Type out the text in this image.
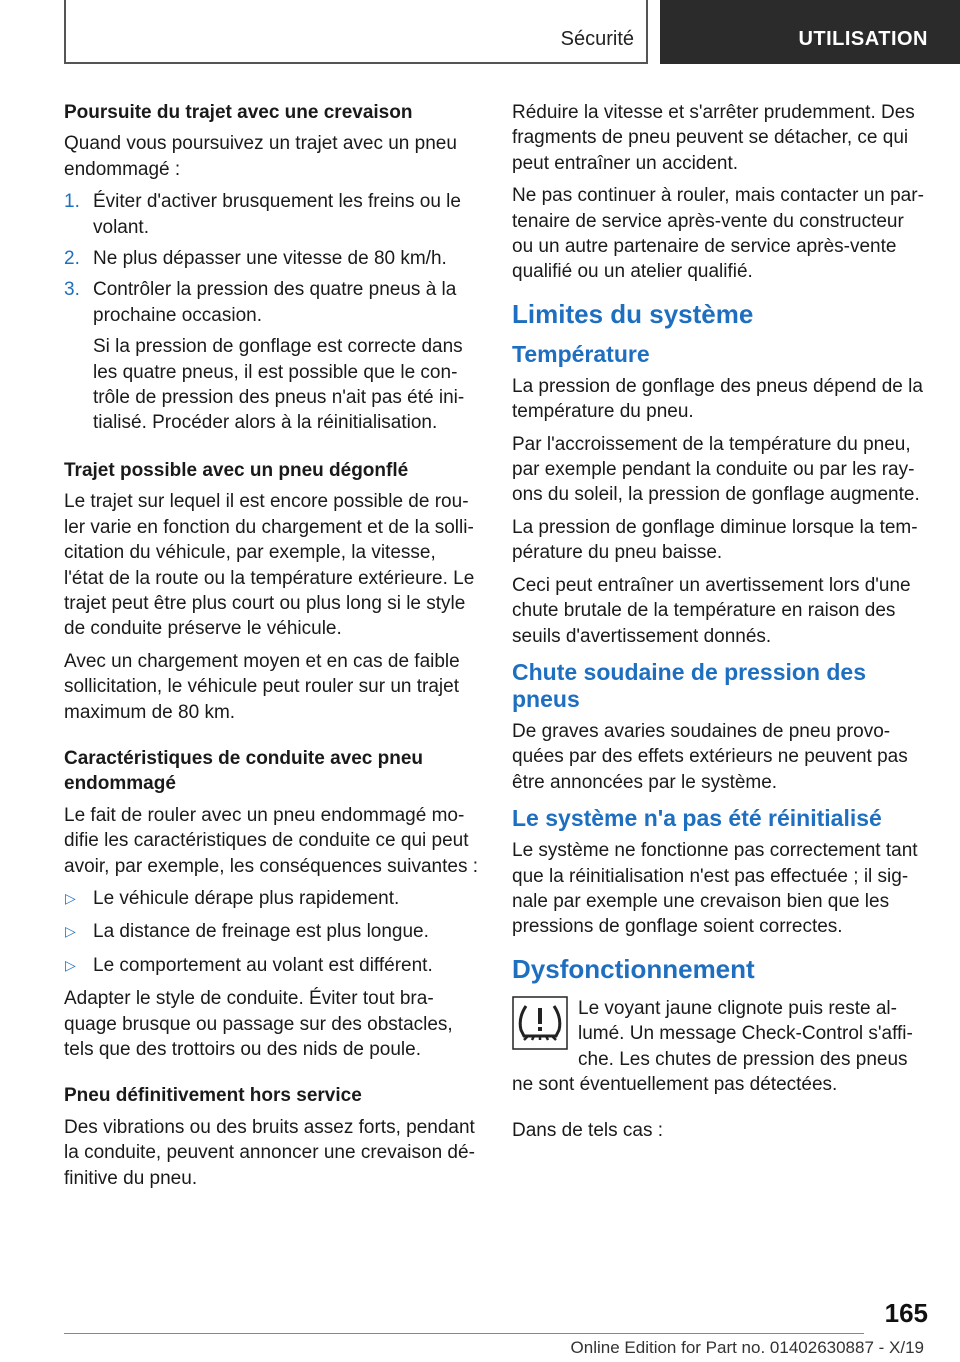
Sécurité	UTILISATION
Poursuite du trajet avec une crevaison

Quand vous poursuivez un trajet avec un pneu endommagé :

1. Éviter d'activer brusquement les freins ou le volant.
2. Ne plus dépasser une vitesse de 80 km/h.
3. Contrôler la pression des quatre pneus à la prochaine occasion.
Si la pression de gonflage est correcte dans les quatre pneus, il est possible que le contrôle de pression des pneus n'ait pas été initialisé. Procéder alors à la réinitialisation.
Trajet possible avec un pneu dégonflé

Le trajet sur lequel il est encore possible de rouler varie en fonction du chargement et de la sollicitation du véhicule, par exemple, la vitesse, l'état de la route ou la température extérieure. Le trajet peut être plus court ou plus long si le style de conduite préserve le véhicule.

Avec un chargement moyen et en cas de faible sollicitation, le véhicule peut rouler sur un trajet maximum de 80 km.

Caractéristiques de conduite avec pneu endommagé

Le fait de rouler avec un pneu endommagé modifie les caractéristiques de conduite ce qui peut avoir, par exemple, les conséquences suivantes :

▷ Le véhicule dérape plus rapidement.
▷ La distance de freinage est plus longue.
▷ Le comportement au volant est différent.

Adapter le style de conduite. Éviter tout braquage brusque ou passage sur des obstacles, tels que des trottoirs ou des nids de poule.

Pneu définitivement hors service

Des vibrations ou des bruits assez forts, pendant la conduite, peuvent annoncer une crevaison définitive du pneu.

Réduire la vitesse et s'arrêter prudemment. Des fragments de pneu peuvent se détacher, ce qui peut entraîner un accident.

Ne pas continuer à rouler, mais contacter un partenaire de service après-vente du constructeur ou un autre partenaire de service après-vente qualifié ou un atelier qualifié.

Limites du système
Température

La pression de gonflage des pneus dépend de la température du pneu.

Par l'accroissement de la température du pneu, par exemple pendant la conduite ou par les rayons du soleil, la pression de gonflage augmente.

La pression de gonflage diminue lorsque la température du pneu baisse.

Ceci peut entraîner un avertissement lors d'une chute brutale de la température en raison des seuils d'avertissement donnés.

Chute soudaine de pression des pneus

De graves avaries soudaines de pneu provoquées par des effets extérieurs ne peuvent pas être annoncées par le système.

Le système n'a pas été réinitialisé

Le système ne fonctionne pas correctement tant que la réinitialisation n'est pas effectuée ; il signale par exemple une crevaison bien que les pressions de gonflage soient correctes.

Dysfonctionnement

Le voyant jaune clignote puis reste allumé. Un message Check-Control s'affiche. Les chutes de pression des pneus ne sont éventuellement pas détectées.

Dans de tels cas :

165
Online Edition for Part no. 01402630887 - X/19
